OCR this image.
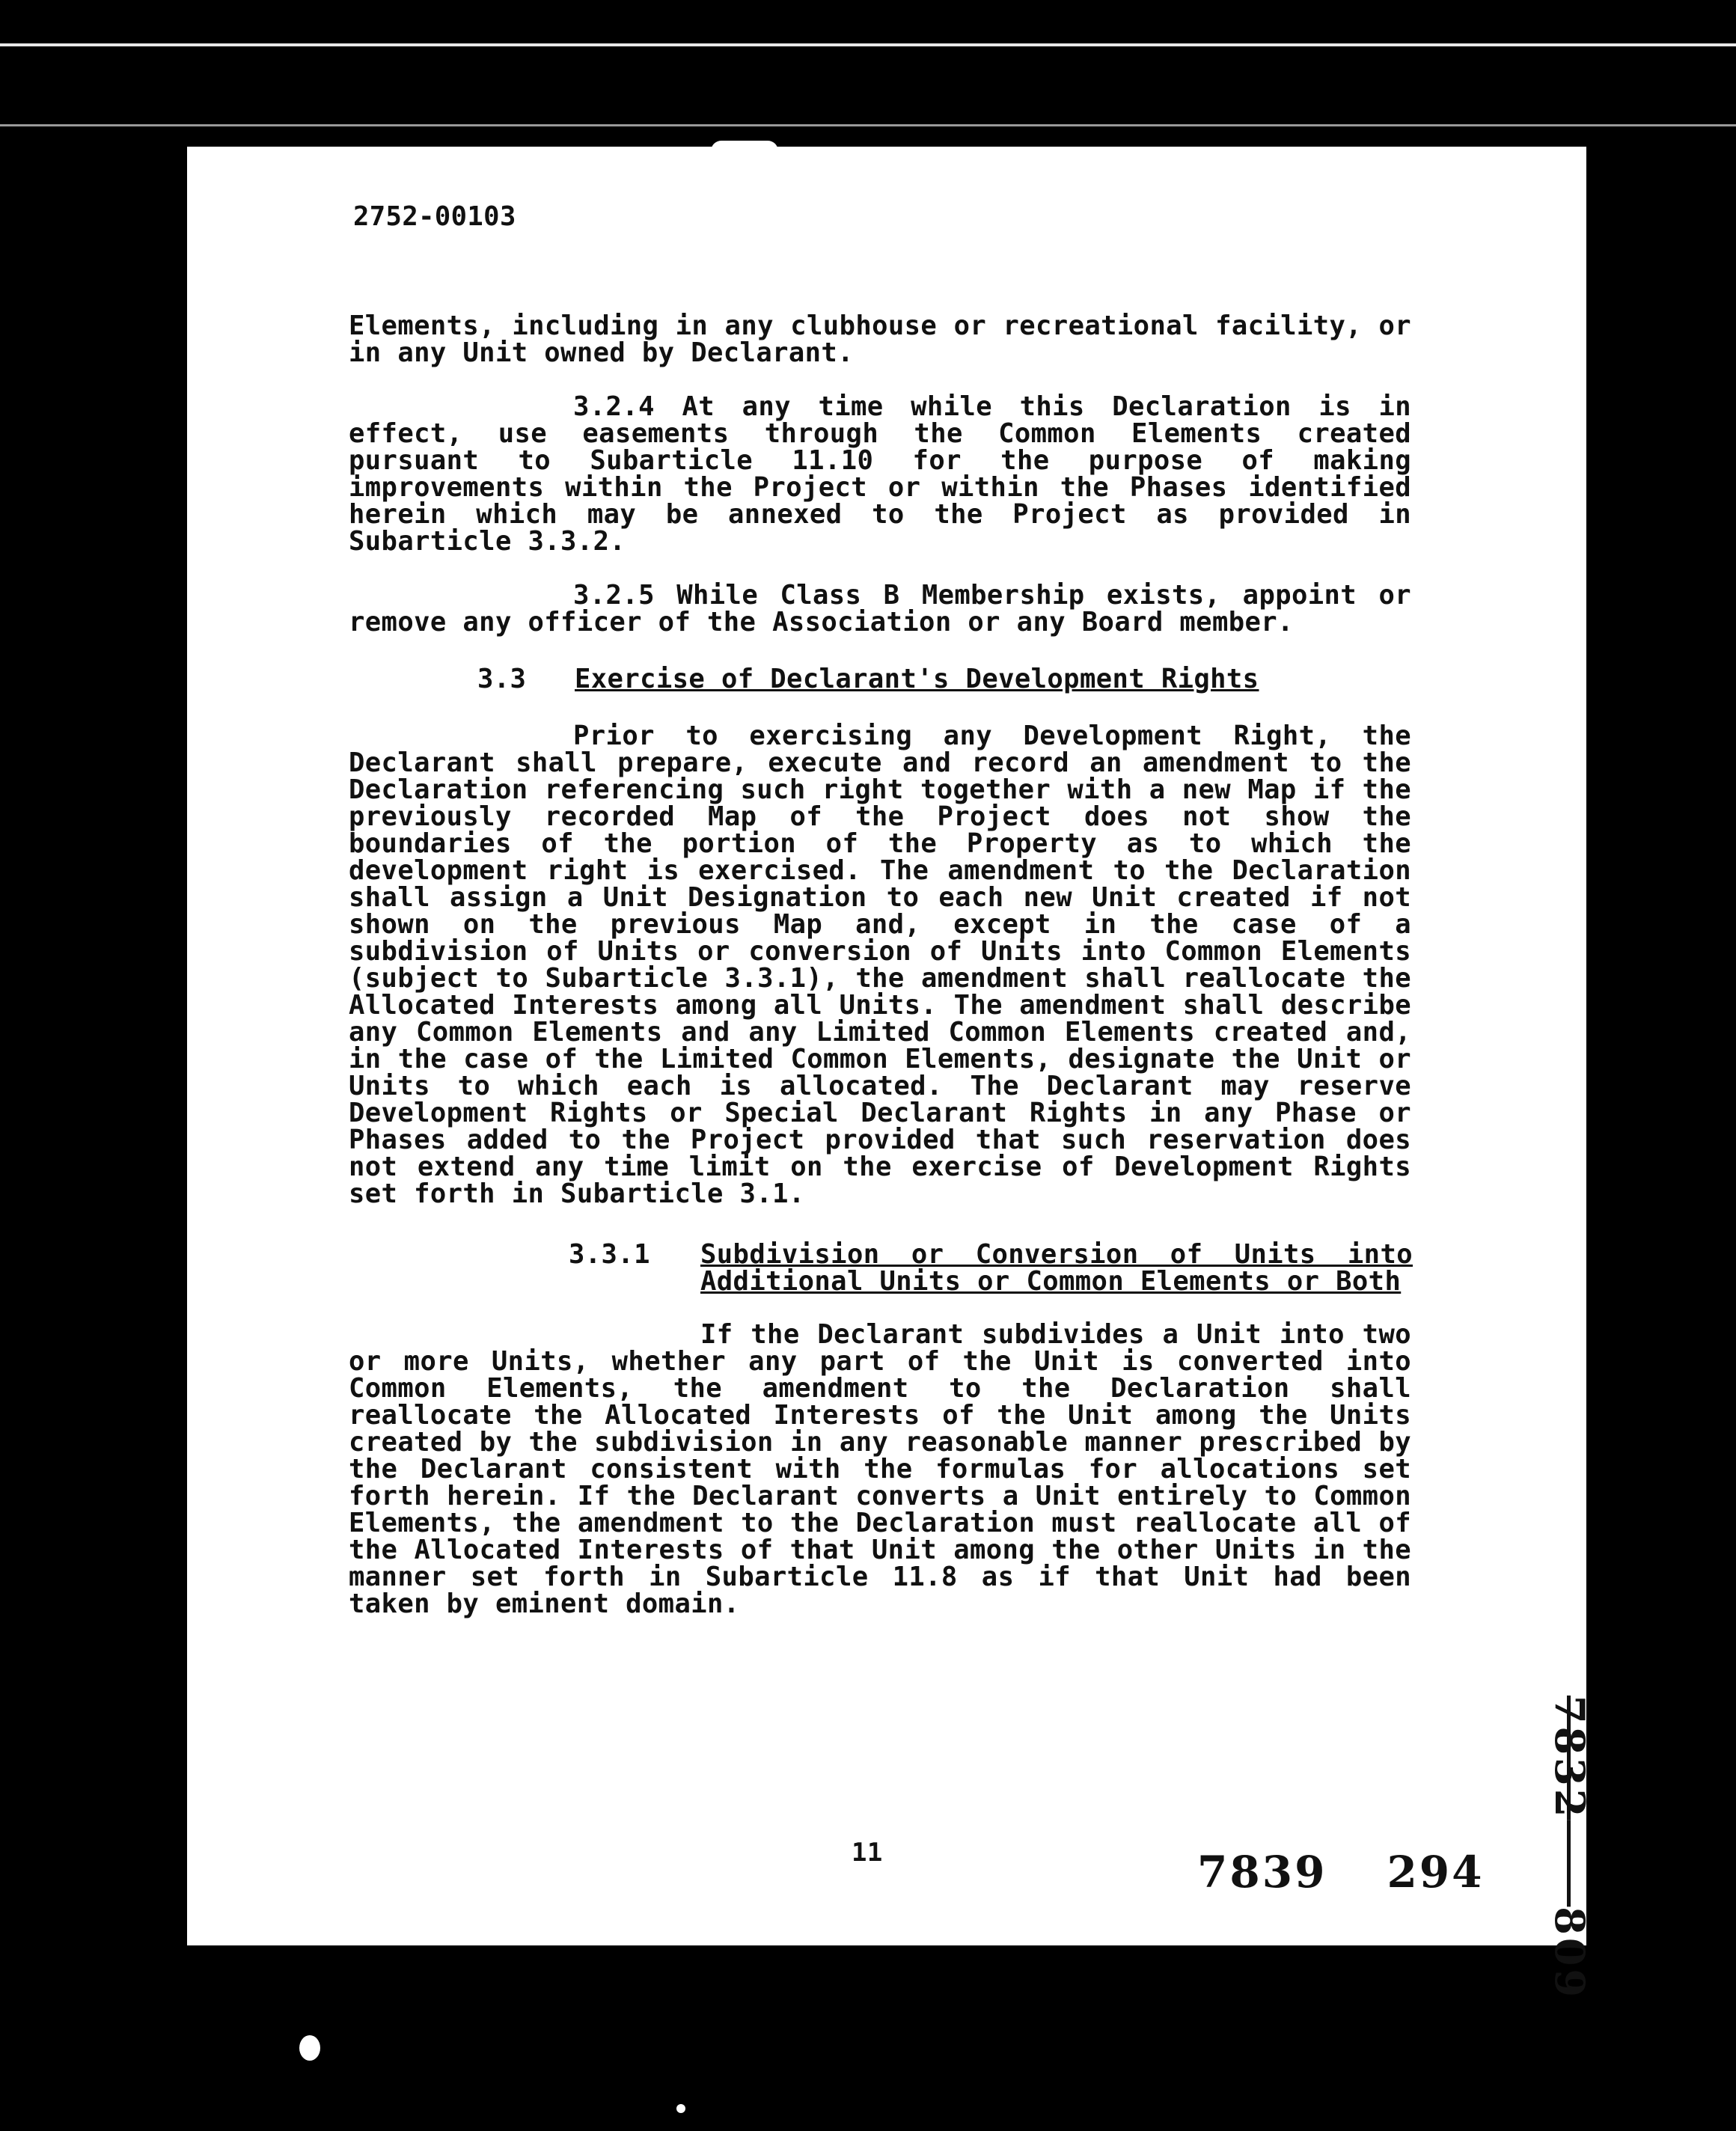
2752-00103

Elements, including in any clubhouse or recreational facility, or in any Unit owned by Declarant.

3.2.4 At any time while this Declaration is in effect, use easements through the Common Elements created pursuant to Subarticle 11.10 for the purpose of making improvements within the Project or within the Phases identified herein which may be annexed to the Project as provided in Subarticle 3.3.2.

3.2.5 While Class B Membership exists, appoint or remove any officer of the Association or any Board member.

3.3 Exercise of Declarant's Development Rights

Prior to exercising any Development Right, the Declarant shall prepare, execute and record an amendment to the Declaration referencing such right together with a new Map if the previously recorded Map of the Project does not show the boundaries of the portion of the Property as to which the development right is exercised. The amendment to the Declaration shall assign a Unit Designation to each new Unit created if not shown on the previous Map and, except in the case of a subdivision of Units or conversion of Units into Common Elements (subject to Subarticle 3.3.1), the amendment shall reallocate the Allocated Interests among all Units. The amendment shall describe any Common Elements and any Limited Common Elements created and, in the case of the Limited Common Elements, designate the Unit or Units to which each is allocated. The Declarant may reserve Development Rights or Special Declarant Rights in any Phase or Phases added to the Project provided that such reservation does not extend any time limit on the exercise of Development Rights set forth in Subarticle 3.1.

3.3.1 Subdivision or Conversion of Units into Additional Units or Common Elements or Both

If the Declarant subdivides a Unit into two or more Units, whether any part of the Unit is converted into Common Elements, the amendment to the Declaration shall reallocate the Allocated Interests of the Unit among the Units created by the subdivision in any reasonable manner prescribed by the Declarant consistent with the formulas for allocations set forth herein. If the Declarant converts a Unit entirely to Common Elements, the amendment to the Declaration must reallocate all of the Allocated Interests of that Unit among the other Units in the manner set forth in Subarticle 11.8 as if that Unit had been taken by eminent domain.

11	7839 294
7832  809
